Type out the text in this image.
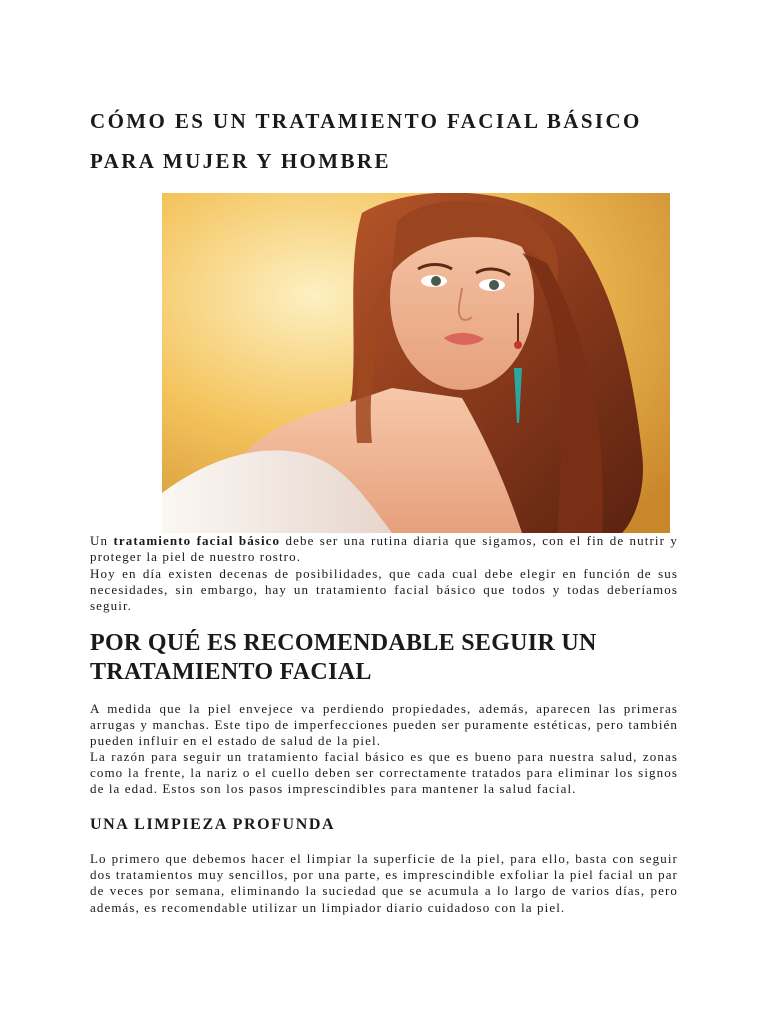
CÓMO ES UN TRATAMIENTO FACIAL BÁSICO
PARA MUJER Y HOMBRE

Un tratamiento facial básico debe ser una rutina diaria que sigamos, con el fin de nutrir y proteger la piel de nuestro rostro.

Hoy en día existen decenas de posibilidades, que cada cual debe elegir en función de sus necesidades, sin embargo, hay un tratamiento facial básico que todos y todas deberíamos seguir.

POR QUÉ ES RECOMENDABLE SEGUIR UN
TRATAMIENTO FACIAL

A medida que la piel envejece va perdiendo propiedades, además, aparecen las primeras arrugas y manchas. Este tipo de imperfecciones pueden ser puramente estéticas, pero también pueden influir en el estado de salud de la piel.

La razón para seguir un tratamiento facial básico es que es bueno para nuestra salud, zonas como la frente, la nariz o el cuello deben ser correctamente tratados para eliminar los signos de la edad. Estos son los pasos imprescindibles para mantener la salud facial.

UNA LIMPIEZA PROFUNDA

Lo primero que debemos hacer el limpiar la superficie de la piel, para ello, basta con seguir dos tratamientos muy sencillos, por una parte, es imprescindible exfoliar la piel facial un par de veces por semana, eliminando la suciedad que se acumula a lo largo de varios días, pero además, es recomendable utilizar un limpiador diario cuidadoso con la piel.
